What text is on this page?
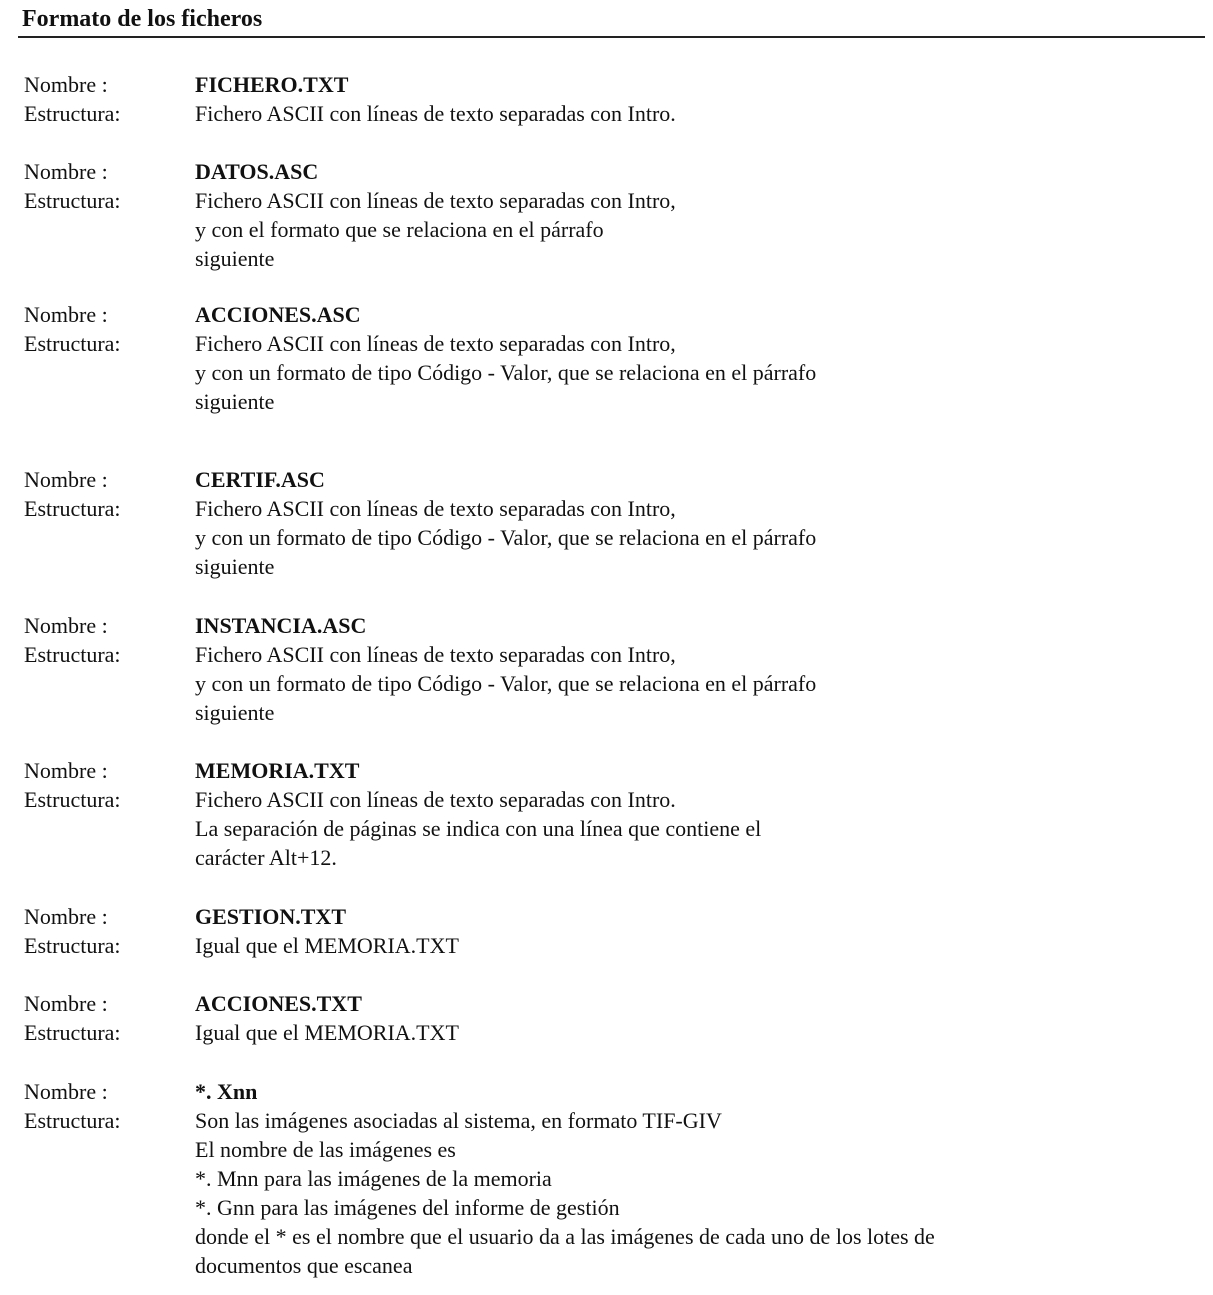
Formato de los ficheros
Nombre :
Estructura:
FICHERO.TXT
Fichero ASCII con líneas de texto separadas con Intro.
Nombre :
Estructura:
DATOS.ASC
Fichero ASCII con líneas de texto separadas con Intro,
y con el formato que se relaciona en el párrafo
siguiente
Nombre :
Estructura:
ACCIONES.ASC
Fichero ASCII con líneas de texto separadas con Intro,
y con un formato de tipo Código - Valor, que se relaciona en el párrafo
siguiente
Nombre :
Estructura:
CERTIF.ASC
Fichero ASCII con líneas de texto separadas con Intro,
y con un formato de tipo Código - Valor, que se relaciona en el párrafo
siguiente
Nombre :
Estructura:
INSTANCIA.ASC
Fichero ASCII con líneas de texto separadas con Intro,
y con un formato de tipo Código - Valor, que se relaciona en el párrafo
siguiente
Nombre :
Estructura:
MEMORIA.TXT
Fichero ASCII con líneas de texto separadas con Intro.
La separación de páginas se indica con una línea que contiene el
carácter Alt+12.
Nombre :
Estructura:
GESTION.TXT
Igual que el MEMORIA.TXT
Nombre :
Estructura:
ACCIONES.TXT
Igual que el MEMORIA.TXT
Nombre :
Estructura:
*. Xnn
Son las imágenes asociadas al sistema, en formato TIF-GIV
El nombre de las imágenes es
*. Mnn para las imágenes de la memoria
*. Gnn para las imágenes del informe de gestión
donde el * es el nombre que el usuario da a las imágenes de cada uno de los lotes de
documentos que escanea
